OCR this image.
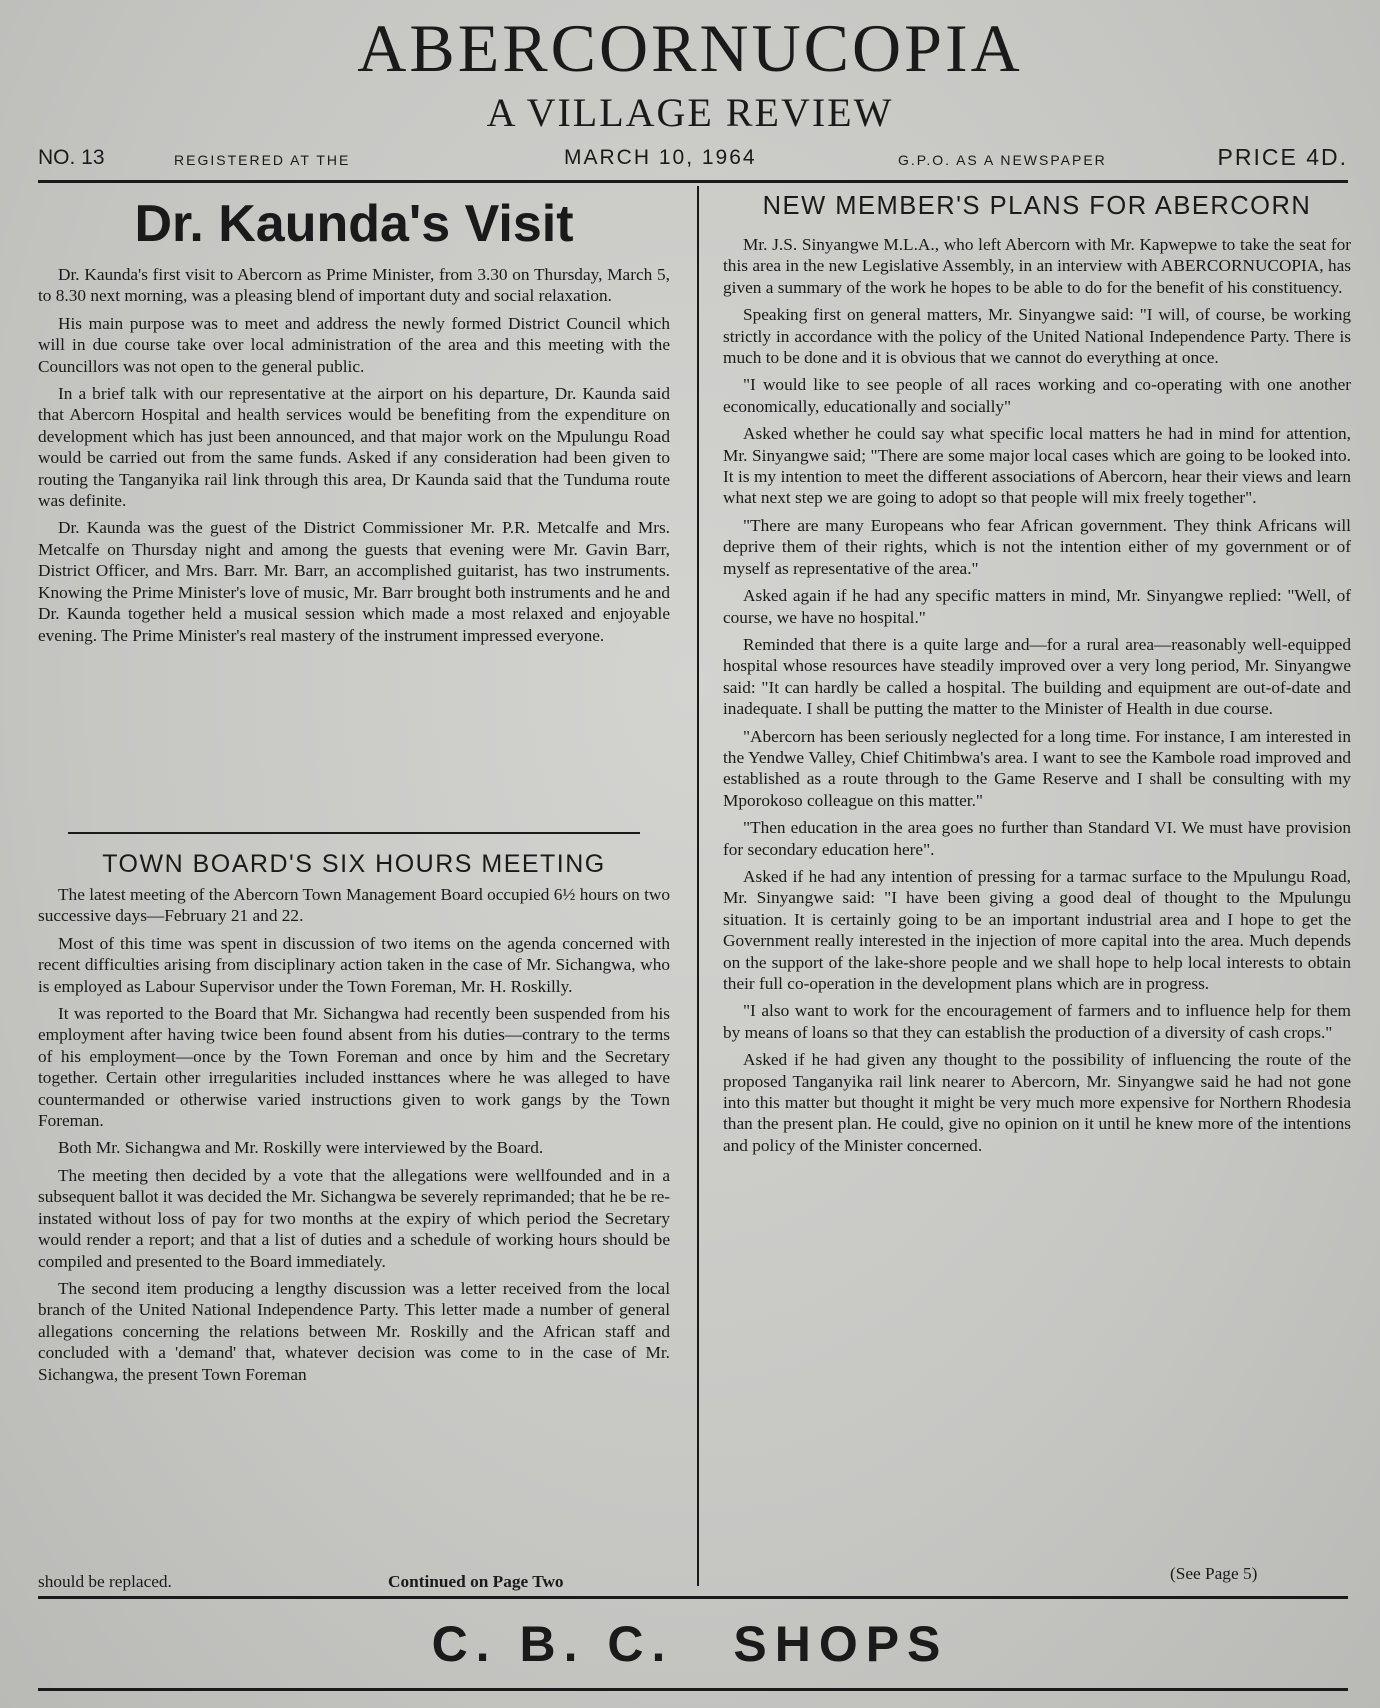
ABERCORNUCOPIA
A VILLAGE REVIEW
NO. 13	REGISTERED AT THE	MARCH 10, 1964	G.P.O. AS A NEWSPAPER	PRICE 4D.
Dr. Kaunda's Visit

Dr. Kaunda's first visit to Abercorn as Prime Minister, from 3.30 on Thursday, March 5, to 8.30 next morning, was a pleasing blend of important duty and social relaxation.

His main purpose was to meet and address the newly formed District Council which will in due course take over local administration of the area and this meeting with the Councillors was not open to the general public.

In a brief talk with our representative at the airport on his departure, Dr. Kaunda said that Abercorn Hospital and health services would be benefiting from the expenditure on development which has just been announced, and that major work on the Mpulungu Road would be carried out from the same funds. Asked if any consideration had been given to routing the Tanganyika rail link through this area, Dr Kaunda said that the Tunduma route was definite.

Dr. Kaunda was the guest of the District Commissioner Mr. P.R. Metcalfe and Mrs. Metcalfe on Thursday night and among the guests that evening were Mr. Gavin Barr, District Officer, and Mrs. Barr. Mr. Barr, an accomplished guitarist, has two instruments. Knowing the Prime Minister's love of music, Mr. Barr brought both instruments and he and Dr. Kaunda together held a musical session which made a most relaxed and enjoyable evening. The Prime Minister's real mastery of the instrument impressed everyone.

TOWN BOARD'S SIX HOURS MEETING

The latest meeting of the Abercorn Town Management Board occupied 6½ hours on two successive days—February 21 and 22.

Most of this time was spent in discussion of two items on the agenda concerned with recent difficulties arising from disciplinary action taken in the case of Mr. Sichangwa, who is employed as Labour Supervisor under the Town Foreman, Mr. H. Roskilly.

It was reported to the Board that Mr. Sichangwa had recently been suspended from his employment after having twice been found absent from his duties—contrary to the terms of his employment—once by the Town Foreman and once by him and the Secretary together. Certain other irregularities included insttances where he was alleged to have countermanded or otherwise varied instructions given to work gangs by the Town Foreman.

Both Mr. Sichangwa and Mr. Roskilly were interviewed by the Board.

The meeting then decided by a vote that the allegations were wellfounded and in a subsequent ballot it was decided the Mr. Sichangwa be severely reprimanded; that he be re-instated without loss of pay for two months at the expiry of which period the Secretary would render a report; and that a list of duties and a schedule of working hours should be compiled and presented to the Board immediately.

The second item producing a lengthy discussion was a letter received from the local branch of the United National Independence Party. This letter made a number of general allegations concerning the relations between Mr. Roskilly and the African staff and concluded with a 'demand' that, whatever decision was come to in the case of Mr. Sichangwa, the present Town Foreman

should be replaced.	Continued on Page Two
NEW MEMBER'S PLANS FOR ABERCORN

Mr. J.S. Sinyangwe M.L.A., who left Abercorn with Mr. Kapwepwe to take the seat for this area in the new Legislative Assembly, in an interview with ABERCORNUCOPIA, has given a summary of the work he hopes to be able to do for the benefit of his constituency.

Speaking first on general matters, Mr. Sinyangwe said: "I will, of course, be working strictly in accordance with the policy of the United National Independence Party. There is much to be done and it is obvious that we cannot do everything at once.

"I would like to see people of all races working and co-operating with one another economically, educationally and socially"

Asked whether he could say what specific local matters he had in mind for attention, Mr. Sinyangwe said; "There are some major local cases which are going to be looked into. It is my intention to meet the different associations of Abercorn, hear their views and learn what next step we are going to adopt so that people will mix freely together".

"There are many Europeans who fear African government. They think Africans will deprive them of their rights, which is not the intention either of my government or of myself as representative of the area."

Asked again if he had any specific matters in mind, Mr. Sinyangwe replied: "Well, of course, we have no hospital."

Reminded that there is a quite large and—for a rural area—reasonably well-equipped hospital whose resources have steadily improved over a very long period, Mr. Sinyangwe said: "It can hardly be called a hospital. The building and equipment are out-of-date and inadequate. I shall be putting the matter to the Minister of Health in due course.

"Abercorn has been seriously neglected for a long time. For instance, I am interested in the Yendwe Valley, Chief Chitimbwa's area. I want to see the Kambole road improved and established as a route through to the Game Reserve and I shall be consulting with my Mporokoso colleague on this matter."

"Then education in the area goes no further than Standard VI. We must have provision for secondary education here".

Asked if he had any intention of pressing for a tarmac surface to the Mpulungu Road, Mr. Sinyangwe said: "I have been giving a good deal of thought to the Mpulungu situation. It is certainly going to be an important industrial area and I hope to get the Government really interested in the injection of more capital into the area. Much depends on the support of the lake-shore people and we shall hope to help local interests to obtain their full co-operation in the development plans which are in progress.

"I also want to work for the encouragement of farmers and to influence help for them by means of loans so that they can establish the production of a diversity of cash crops."

Asked if he had given any thought to the possibility of influencing the route of the proposed Tanganyika rail link nearer to Abercorn, Mr. Sinyangwe said he had not gone into this matter but thought it might be very much more expensive for Northern Rhodesia than the present plan. He could, give no opinion on it until he knew more of the intentions and policy of the Minister concerned.

(See Page 5)
C. B. C. SHOPS
